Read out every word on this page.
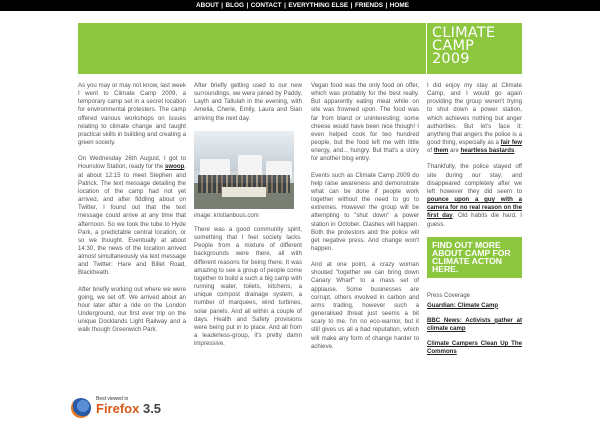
ABOUT | BLOG | CONTACT | EVERYTHING ELSE | FRIENDS | HOME
CLIMATE
CAMP
2009

As you may or may not know, last week I went to Climate Camp 2009, a temporary camp set in a secret location for environmental protesters. The camp offered various workshops on issues relating to climate change and taught practical skills in building and creating a green society.

On Wednesday 26th August, I got to Hounslow Station, ready for the swoop, at about 12:15 to meet Stephen and Patrick. The text message detailing the location of the camp had not yet arrived, and after fiddling about on Twitter, I found out that the text message could arrive at any time that afternoon. So we took the tube to Hyde Park, a predictable central location, or so we thought. Eventually at about 14:30, the news of the location arrived almost simultaneously via text message and Twitter: Hare and Billet Road, Blackheath.

After briefly working out where we were going, we set off. We arrived about an hour later after a ride on the London Underground, our first ever trip on the unique Docklands Light Railway and a walk though Greenwich Park.

After briefly getting used to our new surroundings, we were joined by Paddy, Layth and Tallulah in the evening, with Amelia, Cherie, Emily, Laura and Sian arriving the next day.

image: kristianbuus.com

There was a good community spirit, something that I feel society lacks. People from a mixture of different backgrounds were there, all with different reasons for being there. It was amazing to see a group of people come together to build a such a big camp with running water, toilets, kitchens, a unique compost drainage system, a number of marquees, wind turbines, solar panels. And all within a couple of days. Health and Safety provisions were being put in to place. And all from a leaderless-group, it's pretty damn impressive.

Vegan food was the only food on offer, which was probably for the best really. But apparently eating meat while on site was frowned upon. The food was far from bland or uninteresting; some cheese would have been nice though! I even helped cook for two hundred people, but the food left me with little energy, and... hungry. But that's a story for another blog entry.

Events such as Climate Camp 2009 do help raise awareness and demonstrate what can be done if people work together without the need to go to extremes. However the group will be attempting to "shut down" a power station in October. Clashes will happen. Both the protestors and the police will get negative press. And change won't happen.

And at one point, a crazy woman shouted "together we can bring down Canary Wharf" to a mass set of applause. Some businesses are corrupt, others involved in carbon and arms trading, however such a generalised threat just seems a bit scary to me. I'm no eco-warrior, but it still gives us all a bad reputation, which will make any form of change harder to achieve.

I did enjoy my stay at Climate Camp, and I would go again providing the group weren't trying to shut down a power station, which achieves nothing but anger authorities. But let's face it: anything that angers the police is a good thing, especially as a fair few of them are heartless bastards.

Thankfully, the police stayed off site during our stay; and disappeared completely after we left however they did seem to pounce upon a guy with a camera for no real reason on the first day. Old habits die hard, I guess.

FIND OUT MORE ABOUT CAMP FOR CLIMATE ACTON HERE.
Press Coverage
Guardian: Climate Camp
BBC News: Activists gather at climate camp
Climate Campers Clean Up The Commons
Best viewed in
Firefox 3.5
